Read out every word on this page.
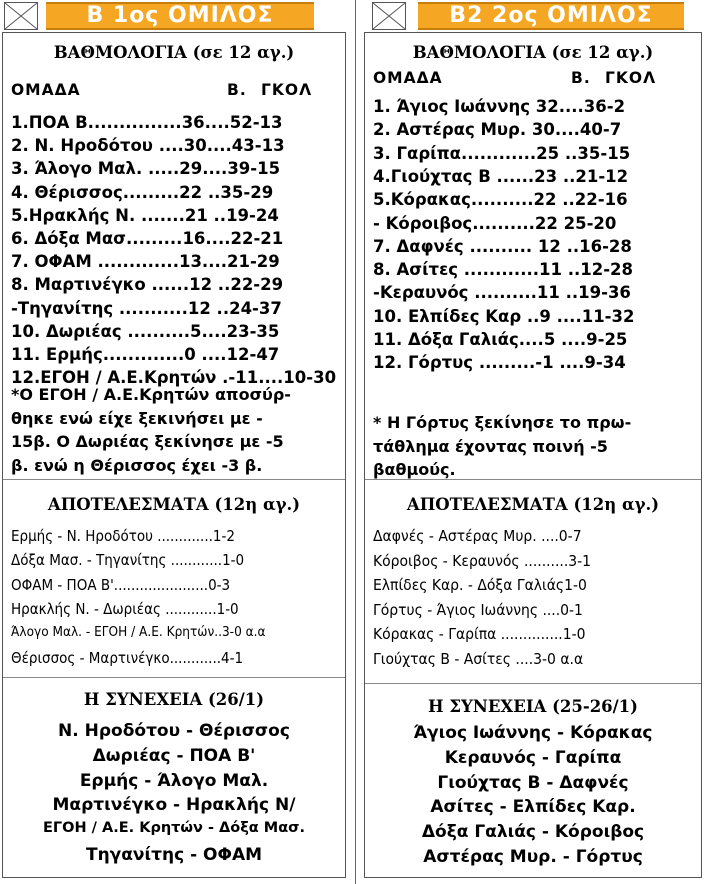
B 1ος ΟΜΙΛΟΣ
ΒΑΘΜΟΛΟΓΙΑ (σε 12 αγ.)
ΟΜΑΔΑ	Β. ΓΚΟΛ
1.ΠΟΑ Β...............36....52-13
2. Ν. Ηροδότου ....30....43-13
3. Άλογο Μαλ. .....29....39-15
4. Θέρισσος.........22 ..35-29
5.Ηρακλής Ν. .......21 ..19-24
6. Δόξα Μασ.........16....22-21
7. ΟΦΑΜ .............13....21-29
8. Μαρτινέγκο ......12 ..22-29
-Τηγανίτης ...........12 ..24-37
10. Δωριέας ..........5....23-35
11. Ερμής.............0 ....12-47
12.ΕΓΟΗ / Α.Ε.Κρητών .-11....10-30
*Ο ΕΓΟΗ / Α.Ε.Κρητών αποσύρ-
θηκε ενώ είχε ξεκινήσει με -
15β. Ο Δωριέας ξεκίνησε με -5
β. ενώ η Θέρισσος έχει -3 β.
ΑΠΟΤΕΛΕΣΜΑΤΑ (12η αγ.)
Ερμής - Ν. Ηροδότου .............1-2
Δόξα Μασ. - Τηγανίτης ............1-0
ΟΦΑΜ - ΠΟΑ Β'......................0-3
Ηρακλής Ν. - Δωριέας ............1-0
Άλογο Μαλ. - ΕΓΟΗ / Α.Ε. Κρητών..3-0 α.α
Θέρισσος - Μαρτινέγκο............4-1
Η ΣΥΝΕΧΕΙΑ (26/1)
Ν. Ηροδότου - Θέρισσος
Δωριέας - ΠΟΑ Β'
Ερμής - Άλογο Μαλ.
Μαρτινέγκο - Ηρακλής Ν/
ΕΓΟΗ / Α.Ε. Κρητών - Δόξα Μασ.
Τηγανίτης - ΟΦΑΜ
B2 2ος ΟΜΙΛΟΣ
ΒΑΘΜΟΛΟΓΙΑ (σε 12 αγ.)
ΟΜΑΔΑ	Β. ΓΚΟΛ
1. Άγιος Ιωάννης 32....36-2
2. Αστέρας Μυρ. 30....40-7
3. Γαρίπα............25 ..35-15
4.Γιούχτας Β ......23 ..21-12
5.Κόρακας..........22 ..22-16
- Κόροιβος..........22 25-20
7. Δαφνές .......... 12 ..16-28
8. Ασίτες ............11 ..12-28
-Κεραυνός ..........11 ..19-36
10. Ελπίδες Καρ ..9 ....11-32
11. Δόξα Γαλιάς....5 ....9-25
12. Γόρτυς .........-1 ....9-34
* Η Γόρτυς ξεκίνησε το πρω-
τάθλημα έχοντας ποινή -5
βαθμούς.
ΑΠΟΤΕΛΕΣΜΑΤΑ (12η αγ.)
Δαφνές - Αστέρας Μυρ. ....0-7
Κόροιβος - Κεραυνός ..........3-1
Ελπίδες Καρ. - Δόξα Γαλιάς1-0
Γόρτυς - Άγιος Ιωάννης ....0-1
Κόρακας - Γαρίπα ..............1-0
Γιούχτας Β - Ασίτες ....3-0 α.α
Η ΣΥΝΕΧΕΙΑ (25-26/1)
Άγιος Ιωάννης - Κόρακας
Κεραυνός - Γαρίπα
Γιούχτας Β - Δαφνές
Ασίτες - Ελπίδες Καρ.
Δόξα Γαλιάς - Κόροιβος
Αστέρας Μυρ. - Γόρτυς
